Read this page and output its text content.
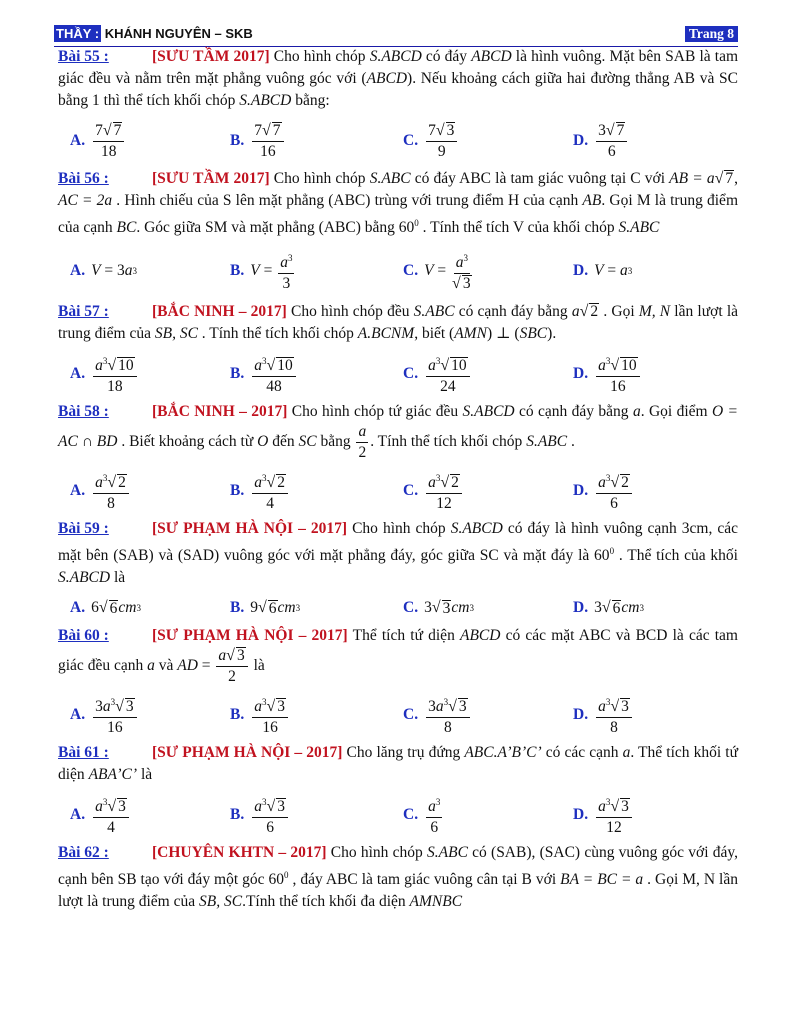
THẦY : KHÁNH NGUYÊN – SKB	Trang 8

Bài 55 :	[SƯU TẦM 2017] Cho hình chóp S.ABCD có đáy ABCD là hình vuông. Mặt bên SAB là tam giác đều và nằm trên mặt phẳng vuông góc với (ABCD). Nếu khoảng cách giữa hai đường thẳng AB và SC bằng 1 thì thể tích khối chóp S.ABCD bằng:

A. $\frac{7√ 7}{18}$	B. $\frac{7√ 7}{16}$	C. $\frac{7√ 3}{9}$	D. $\frac{3√ 7}{6}$

Bài 56 :	[SƯU TẦM 2017] Cho hình chóp S.ABC có đáy ABC là tam giác vuông tại C với AB = a√ 7, AC = 2a . Hình chiếu của S lên mặt phẳng (ABC) trùng với trung điểm H của cạnh AB. Gọi M là trung điểm của cạnh BC. Góc giữa SM và mặt phẳng (ABC) bằng $60^0$ . Tính thể tích V của khối chóp S.ABC

A. V = 3 a 3	B. $V = \frac{a^3}{3}$	C. $V = \frac{a^3}{√ 3}$	D. V = a 3

Bài 57 :	[BẮC NINH – 2017] Cho hình chóp đều S.ABC có cạnh đáy bằng a√ 2 . Gọi M, N lần lượt là trung điểm của SB, SC . Tính thể tích khối chóp A.BCNM, biết (AMN) ⊥ (SBC).

A. $\frac{a^3√ 10}{18}$	B. $\frac{a^3√ 10}{48}$	C. $\frac{a^3√ 10}{24}$	D. $\frac{a^3√ 10}{16}$

Bài 58 :	[BẮC NINH – 2017] Cho hình chóp tứ giác đều S.ABCD có cạnh đáy bằng a. Gọi điểm O = AC ∩ BD . Biết khoảng cách từ O đến SC bằng $\frac{a}{2}$ . Tính thể tích khối chóp S.ABC .

A. $\frac{a^3√ 2}{8}$	B. $\frac{a^3√ 2}{4}$	C. $\frac{a^3√ 2}{12}$	D. $\frac{a^3√ 2}{6}$

Bài 59 :	[SƯ PHẠM HÀ NỘI – 2017] Cho hình chóp S.ABCD có đáy là hình vuông cạnh 3cm, các mặt bên (SAB) và (SAD) vuông góc với mặt phẳng đáy, góc giữa SC và mặt đáy là $60^0$ . Thể tích của khối S.ABCD là

A. 6 √ 6 cm 3	B. 9 √ 6 cm 3	C. 3 √ 3 cm 3	D. 3 √ 6 cm 3

Bài 60 :	[SƯ PHẠM HÀ NỘI – 2017] Thể tích tứ diện ABCD có các mặt ABC và BCD là các tam giác đều cạnh a và AD = $\frac{a√ 3}{2}$ là

A. $\frac{3a^3√ 3}{16}$	B. $\frac{a^3√ 3}{16}$	C. $\frac{3a^3√ 3}{8}$	D. $\frac{a^3√ 3}{8}$

Bài 61 :	[SƯ PHẠM HÀ NỘI – 2017] Cho lăng trụ đứng ABC.A’B’C’ có các cạnh a. Thể tích khối tứ diện ABA’C’ là

A. $\frac{a^3√ 3}{4}$	B. $\frac{a^3√ 3}{6}$	C. $\frac{a^3}{6}$	D. $\frac{a^3√ 3}{12}$

Bài 62 :	[CHUYÊN KHTN – 2017] Cho hình chóp S.ABC có (SAB), (SAC) cùng vuông góc với đáy, cạnh bên SB tạo với đáy một góc $60^0$ , đáy ABC là tam giác vuông cân tại B với BA = BC = a . Gọi M, N lần lượt là trung điểm của SB, SC.Tính thể tích khối đa diện AMNBC
